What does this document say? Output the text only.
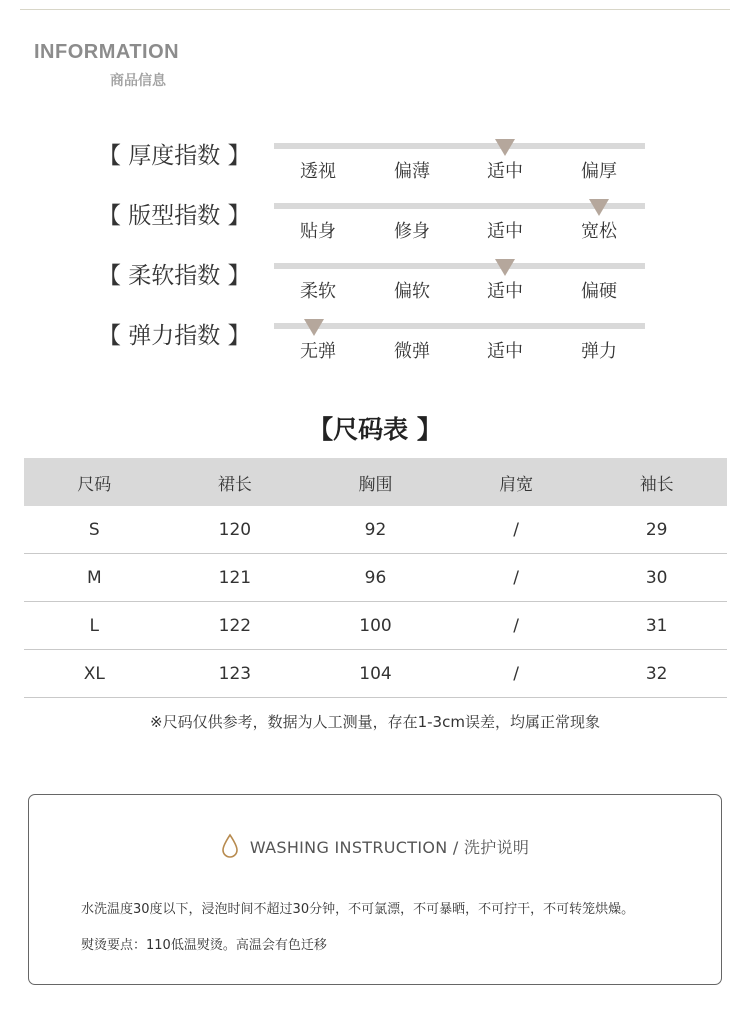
INFORMATION
商品信息
【 厚度指数 】
透视	偏薄	适中	偏厚
【 版型指数 】
贴身	修身	适中	宽松
【 柔软指数 】
柔软	偏软	适中	偏硬
【 弹力指数 】
无弹	微弹	适中	弹力
【尺码表 】
尺码	裙长	胸围	肩宽	袖长
S	120	92	/	29
M	121	96	/	30
L	122	100	/	31
XL	123	104	/	32
※尺码仅供参考，数据为人工测量，存在1-3cm误差，均属正常现象
WASHING INSTRUCTION / 洗护说明
水洗温度30度以下，浸泡时间不超过30分钟，不可氯漂，不可暴晒，不可拧干，不可转笼烘燥。
熨烫要点：110低温熨烫。高温会有色迁移
